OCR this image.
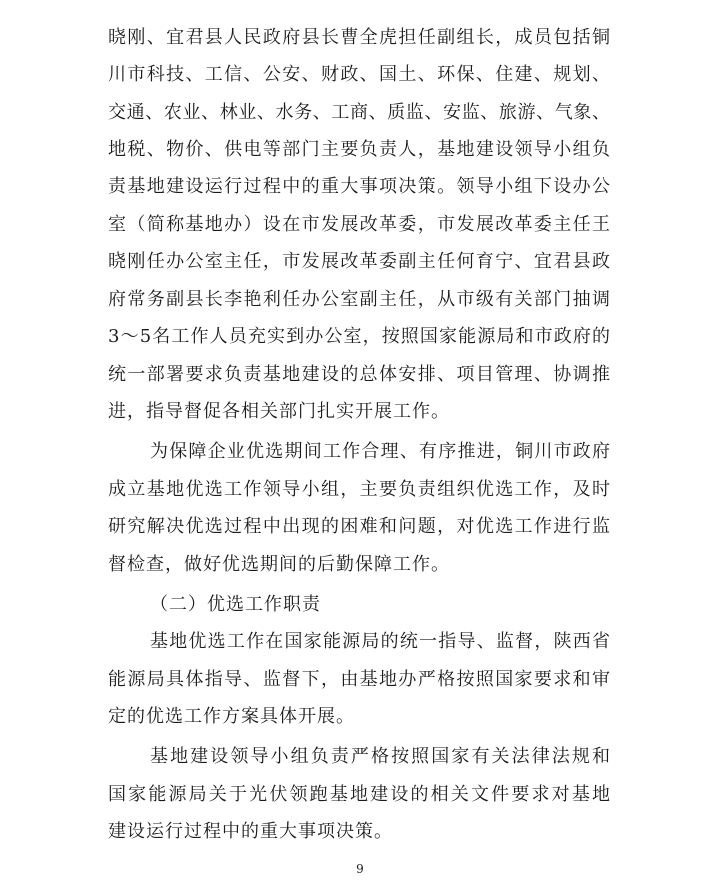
晓刚、宜君县人民政府县长曹全虎担任副组长，成员包括铜
川市科技、工信、公安、财政、国土、环保、住建、规划、
交通、农业、林业、水务、工商、质监、安监、旅游、气象、
地税、物价、供电等部门主要负责人，基地建设领导小组负
责基地建设运行过程中的重大事项决策。领导小组下设办公
室（简称基地办）设在市发展改革委，市发展改革委主任王
晓刚任办公室主任，市发展改革委副主任何育宁、宜君县政
府常务副县长李艳利任办公室副主任，从市级有关部门抽调
3～5名工作人员充实到办公室，按照国家能源局和市政府的
统一部署要求负责基地建设的总体安排、项目管理、协调推
进，指导督促各相关部门扎实开展工作。
为保障企业优选期间工作合理、有序推进，铜川市政府
成立基地优选工作领导小组，主要负责组织优选工作，及时
研究解决优选过程中出现的困难和问题，对优选工作进行监
督检查，做好优选期间的后勤保障工作。
（二）优选工作职责
基地优选工作在国家能源局的统一指导、监督，陕西省
能源局具体指导、监督下，由基地办严格按照国家要求和审
定的优选工作方案具体开展。
基地建设领导小组负责严格按照国家有关法律法规和
国家能源局关于光伏领跑基地建设的相关文件要求对基地
建设运行过程中的重大事项决策。
9
